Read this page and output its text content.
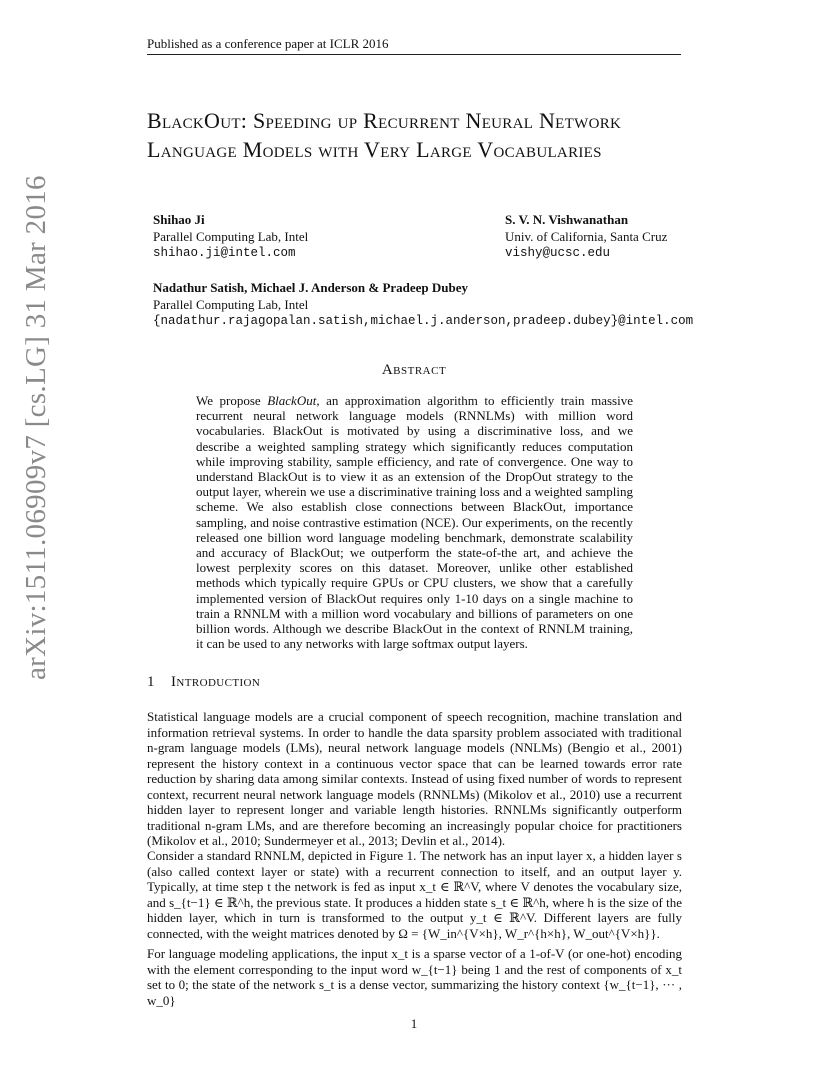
Published as a conference paper at ICLR 2016
BlackOut: Speeding up Recurrent Neural Network Language Models with Very Large Vocabularies
Shihao Ji
Parallel Computing Lab, Intel
shihao.ji@intel.com
S. V. N. Vishwanathan
Univ. of California, Santa Cruz
vishy@ucsc.edu
Nadathur Satish, Michael J. Anderson & Pradeep Dubey
Parallel Computing Lab, Intel
{nadathur.rajagopalan.satish,michael.j.anderson,pradeep.dubey}@intel.com
Abstract
We propose BlackOut, an approximation algorithm to efficiently train massive recurrent neural network language models (RNNLMs) with million word vocabularies. BlackOut is motivated by using a discriminative loss, and we describe a weighted sampling strategy which significantly reduces computation while improving stability, sample efficiency, and rate of convergence. One way to understand BlackOut is to view it as an extension of the DropOut strategy to the output layer, wherein we use a discriminative training loss and a weighted sampling scheme. We also establish close connections between BlackOut, importance sampling, and noise contrastive estimation (NCE). Our experiments, on the recently released one billion word language modeling benchmark, demonstrate scalability and accuracy of BlackOut; we outperform the state-of-the art, and achieve the lowest perplexity scores on this dataset. Moreover, unlike other established methods which typically require GPUs or CPU clusters, we show that a carefully implemented version of BlackOut requires only 1-10 days on a single machine to train a RNNLM with a million word vocabulary and billions of parameters on one billion words. Although we describe BlackOut in the context of RNNLM training, it can be used to any networks with large softmax output layers.
1 Introduction
Statistical language models are a crucial component of speech recognition, machine translation and information retrieval systems. In order to handle the data sparsity problem associated with traditional n-gram language models (LMs), neural network language models (NNLMs) (Bengio et al., 2001) represent the history context in a continuous vector space that can be learned towards error rate reduction by sharing data among similar contexts. Instead of using fixed number of words to represent context, recurrent neural network language models (RNNLMs) (Mikolov et al., 2010) use a recurrent hidden layer to represent longer and variable length histories. RNNLMs significantly outperform traditional n-gram LMs, and are therefore becoming an increasingly popular choice for practitioners (Mikolov et al., 2010; Sundermeyer et al., 2013; Devlin et al., 2014).
Consider a standard RNNLM, depicted in Figure 1. The network has an input layer x, a hidden layer s (also called context layer or state) with a recurrent connection to itself, and an output layer y. Typically, at time step t the network is fed as input x_t ∈ ℝ^V, where V denotes the vocabulary size, and s_{t−1} ∈ ℝ^h, the previous state. It produces a hidden state s_t ∈ ℝ^h, where h is the size of the hidden layer, which in turn is transformed to the output y_t ∈ ℝ^V. Different layers are fully connected, with the weight matrices denoted by Ω = {W_in^{V×h}, W_r^{h×h}, W_out^{V×h}}.
For language modeling applications, the input x_t is a sparse vector of a 1-of-V (or one-hot) encoding with the element corresponding to the input word w_{t−1} being 1 and the rest of components of x_t set to 0; the state of the network s_t is a dense vector, summarizing the history context {w_{t−1}, ··· , w_0}
arXiv:1511.06909v7 [cs.LG] 31 Mar 2016
1
